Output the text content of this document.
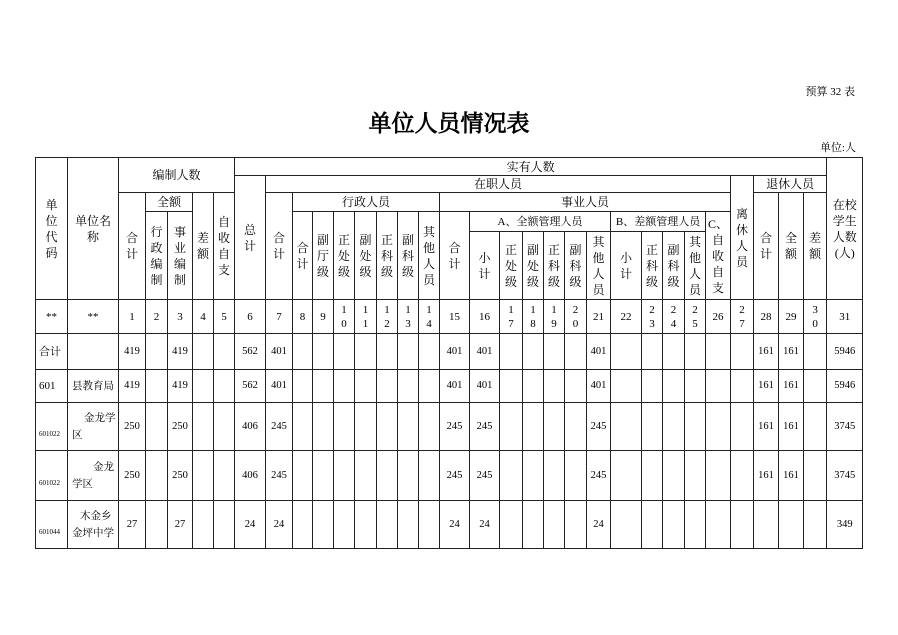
预算 32 表
单位人员情况表
单位:人
单位代码	单位名称	编制人数					实有人数																									在校学生人数(人)

							总计	在职人员																				离休人员	退休人员			

		合计	全额		差额	自收自支		合计	行政人员							事业人员													合计	全额	差额	

			行政编制	事业编制					合计	副厅级	正处级	副处级	正科级	副科级	其他人员	合计	A、全额管理人员						B、差额管理人员				C、自收自支					

																	小计	正处级	副处级	正科级	副科级	其他人员	小计	正科级	副科级	其他人员						

**	**	1	2	3	4	5	6	7	8	9	10	11	12	13	14	15	16	17	18	19	20	21	22	23	24	25	26	27	28	29	30	31
合计		419		419			562	401								401	401					401							161	161		5946
601	县教育局	419		419			562	401								401	401					401							161	161		5946
601022	金龙学区	250		250			406	245								245	245					245							161	161		3745
601022	金龙学区	250		250			406	245								245	245					245							161	161		3745
601044	木金乡金坪中学	27		27			24	24								24	24					24										349
